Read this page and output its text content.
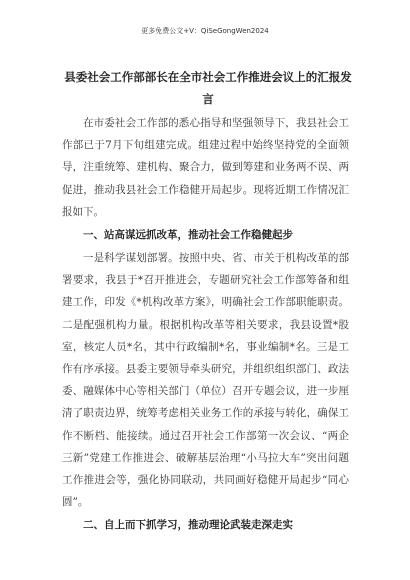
更多免费公文+V：QiSeGongWen2024
县委社会工作部部长在全市社会工作推进会议上的汇报发言

在市委社会工作部的悉心指导和坚强领导下，我县社会工作部已于7月下旬组建完成。组建过程中始终坚持党的全面领导，注重统筹、建机构、聚合力，做到筹建和业务两不误、两促进，推动我县社会工作稳健开局起步。现将近期工作情况汇报如下。

一、站高谋远抓改革，推动社会工作稳健起步

一是科学谋划部署。按照中央、省、市关于机构改革的部署要求，我县于*召开推进会，专题研究社会工作部筹备和组建工作，印发《*机构改革方案》，明确社会工作部职能职责。二是配强机构力量。根据机构改革等相关要求，我县设置*股室，核定人员*名，其中行政编制*名，事业编制*名。三是工作有序承接。县委主要领导牵头研究，并组织组织部门、政法委、融媒体中心等相关部门（单位）召开专题会议，进一步厘清了职责边界，统筹考虑相关业务工作的承接与转化，确保工作不断档、能接续。通过召开社会工作部第一次会议、“两企三新”党建工作推进会、破解基层治理“小马拉大车”突出问题工作推进会等，强化协同联动，共同画好稳健开局起步“同心圆”。

二、自上而下抓学习，推动理论武装走深走实
